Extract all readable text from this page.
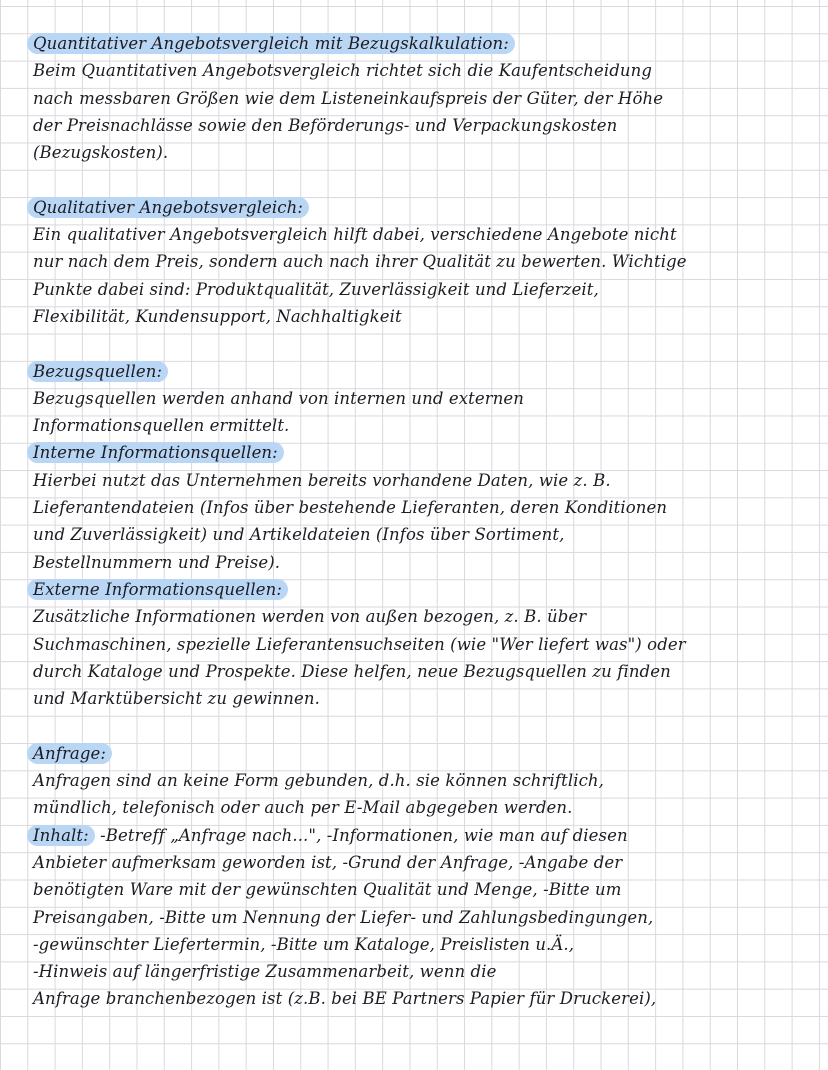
Quantitativer Angebotsvergleich mit Bezugskalkulation:
Beim Quantitativen Angebotsvergleich richtet sich die Kaufentscheidung
nach messbaren Größen wie dem Listeneinkaufspreis der Güter, der Höhe
der Preisnachlässe sowie den Beförderungs- und Verpackungskosten
(Bezugskosten).
Qualitativer Angebotsvergleich:
Ein qualitativer Angebotsvergleich hilft dabei, verschiedene Angebote nicht
nur nach dem Preis, sondern auch nach ihrer Qualität zu bewerten. Wichtige
Punkte dabei sind: Produktqualität, Zuverlässigkeit und Lieferzeit,
Flexibilität, Kundensupport, Nachhaltigkeit
Bezugsquellen:
Bezugsquellen werden anhand von internen und externen
Informationsquellen ermittelt.
Interne Informationsquellen:
Hierbei nutzt das Unternehmen bereits vorhandene Daten, wie z. B.
Lieferantendateien (Infos über bestehende Lieferanten, deren Konditionen
und Zuverlässigkeit) und Artikeldateien (Infos über Sortiment,
Bestellnummern und Preise).
Externe Informationsquellen:
Zusätzliche Informationen werden von außen bezogen, z. B. über
Suchmaschinen, spezielle Lieferantensuchseiten (wie "Wer liefert was") oder
durch Kataloge und Prospekte. Diese helfen, neue Bezugsquellen zu finden
und Marktübersicht zu gewinnen.
Anfrage:
Anfragen sind an keine Form gebunden, d.h. sie können schriftlich,
mündlich, telefonisch oder auch per E-Mail abgegeben werden.
Inhalt: -Betreff „Anfrage nach...", -Informationen, wie man auf diesen
Anbieter aufmerksam geworden ist, -Grund der Anfrage, -Angabe der
benötigten Ware mit der gewünschten Qualität und Menge, -Bitte um
Preisangaben, -Bitte um Nennung der Liefer- und Zahlungsbedingungen,
-gewünschter Liefertermin, -Bitte um Kataloge, Preislisten u.Ä.,
-Hinweis auf längerfristige Zusammenarbeit, wenn die
Anfrage branchenbezogen ist (z.B. bei BE Partners Papier für Druckerei),
